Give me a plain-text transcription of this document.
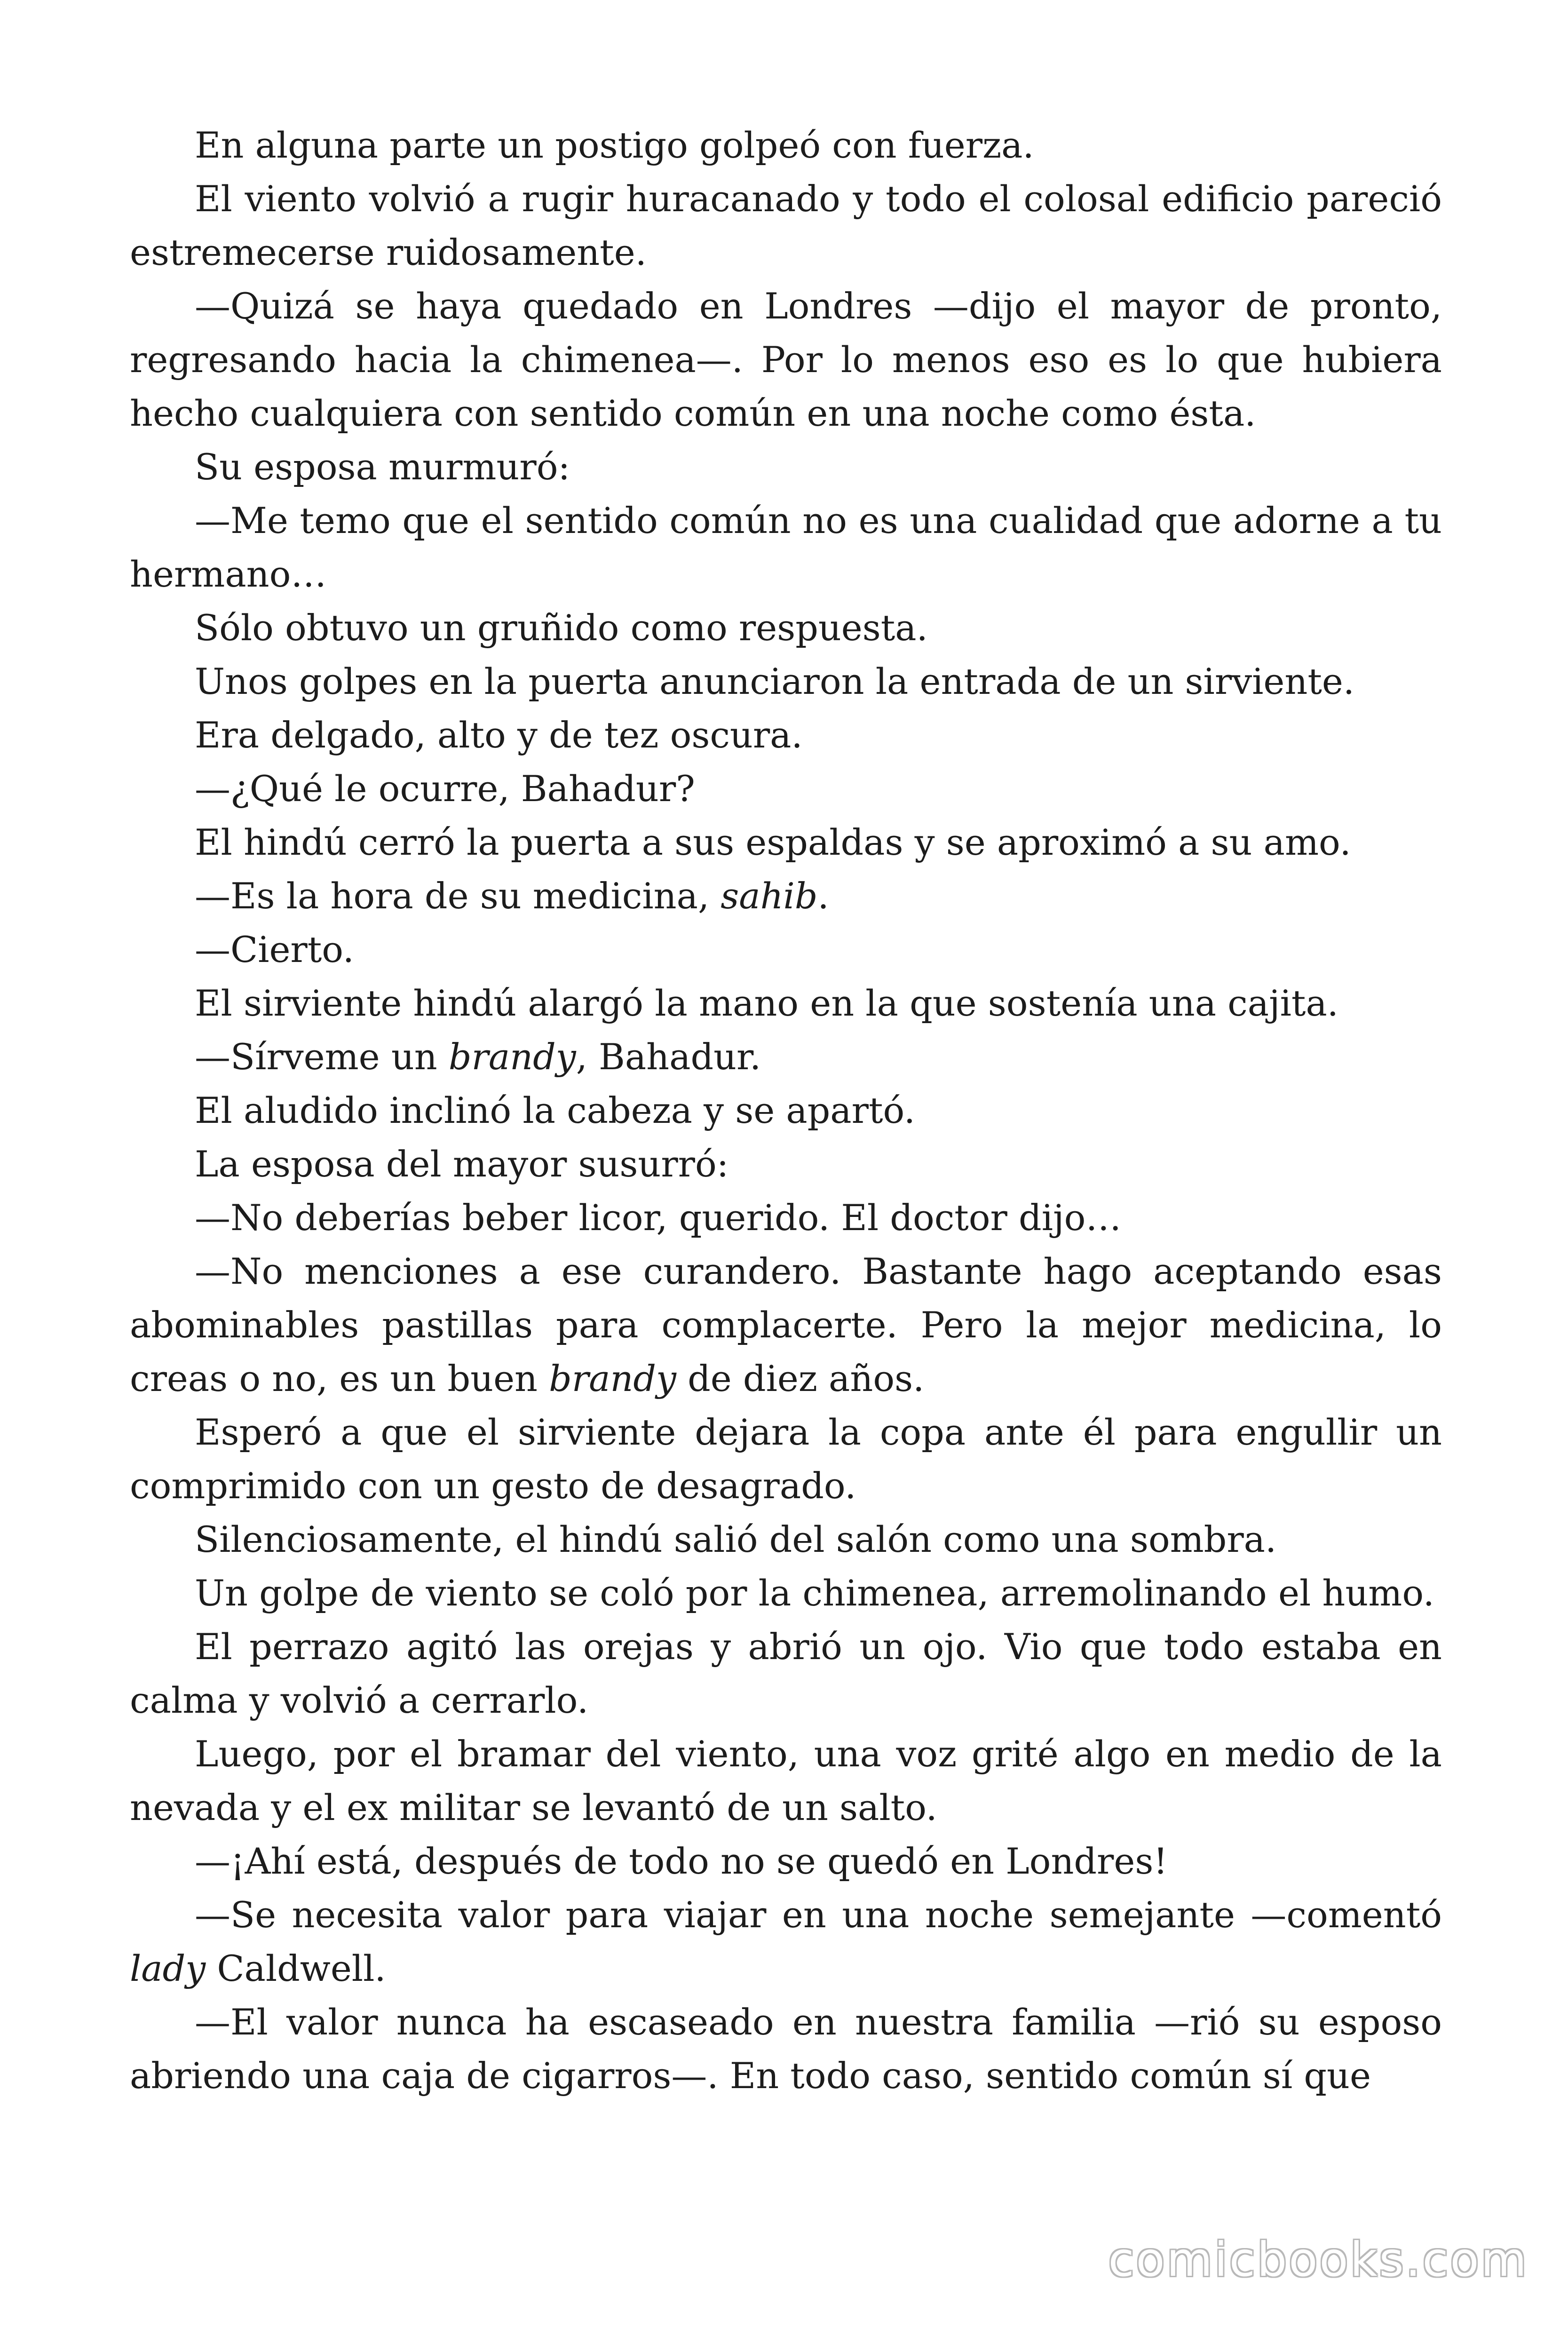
En alguna parte un postigo golpeó con fuerza.

El viento volvió a rugir huracanado y todo el colosal edificio pareció estremecerse ruidosamente.

—Quizá se haya quedado en Londres —dijo el mayor de pronto, regresando hacia la chimenea—. Por lo menos eso es lo que hubiera hecho cualquiera con sentido común en una noche como ésta.

Su esposa murmuró:

—Me temo que el sentido común no es una cualidad que adorne a tu hermano…

Sólo obtuvo un gruñido como respuesta.

Unos golpes en la puerta anunciaron la entrada de un sirviente.

Era delgado, alto y de tez oscura.

—¿Qué le ocurre, Bahadur?

El hindú cerró la puerta a sus espaldas y se aproximó a su amo.

—Es la hora de su medicina, sahib.

—Cierto.

El sirviente hindú alargó la mano en la que sostenía una cajita.

—Sírveme un brandy, Bahadur.

El aludido inclinó la cabeza y se apartó.

La esposa del mayor susurró:

—No deberías beber licor, querido. El doctor dijo…

—No menciones a ese curandero. Bastante hago aceptando esas abominables pastillas para complacerte. Pero la mejor medicina, lo creas o no, es un buen brandy de diez años.

Esperó a que el sirviente dejara la copa ante él para engullir un comprimido con un gesto de desagrado.

Silenciosamente, el hindú salió del salón como una sombra.

Un golpe de viento se coló por la chimenea, arremolinando el humo.

El perrazo agitó las orejas y abrió un ojo. Vio que todo estaba en calma y volvió a cerrarlo.

Luego, por el bramar del viento, una voz grité algo en medio de la nevada y el ex militar se levantó de un salto.

—¡Ahí está, después de todo no se quedó en Londres!

—Se necesita valor para viajar en una noche semejante —comentó lady Caldwell.

—El valor nunca ha escaseado en nuestra familia —rió su esposo abriendo una caja de cigarros—. En todo caso, sentido común sí que

comicbooks.com
